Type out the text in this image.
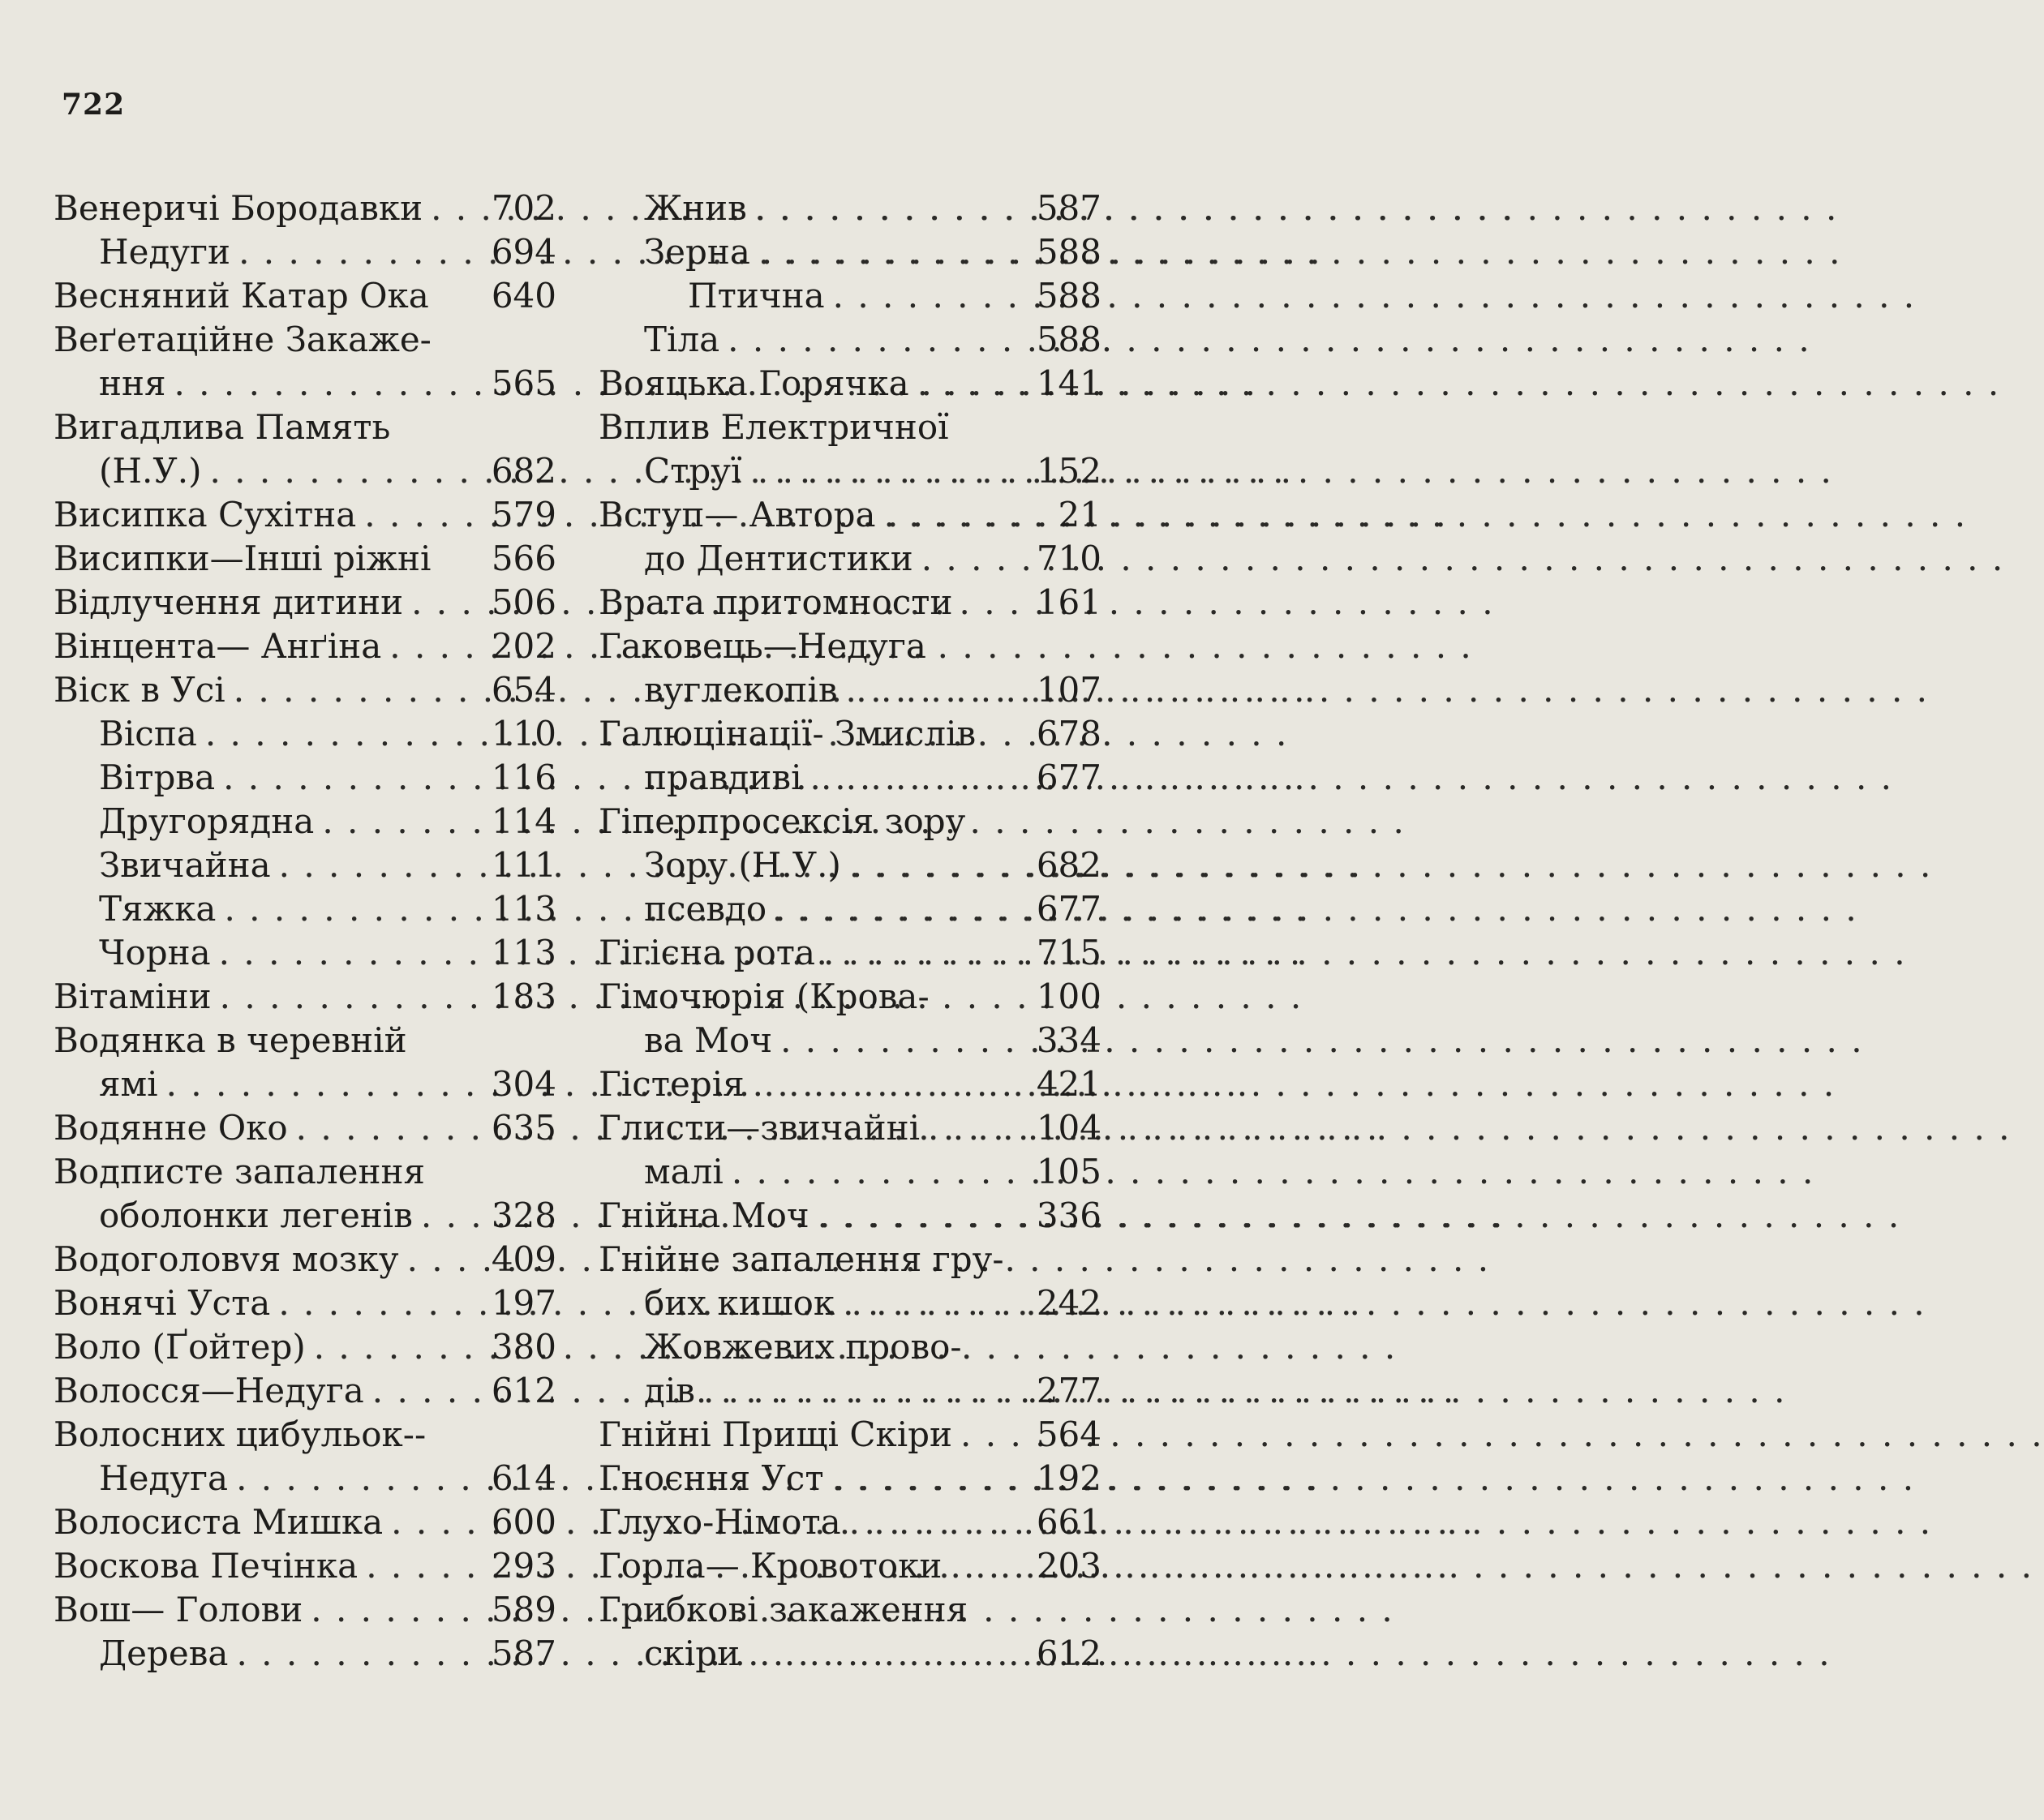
722
Венеричі Бородавки . . . 702
Недуги . . .	694
Весняний Катар Ока 640
Веґетаційне Закаже-
ння . . .	565
Вигадлива Память
(Н.У.) . . .	682
Висипка Сухітна . . .	579
Висипки—Інші ріжні 566
Відлучення дитини . . .	506
Вінцента— Анґіна . . .	202
Віск в Усі . . .	654
Віспа . . .	110
Вітрва . . .	116
Другорядна . . .	114
Звичайна . . .	111
Тяжка . . .	113
Чорна . . .	113
Вітаміни . . .	183
Водянка в черевній
ямі . . .	304
Водянне Око . . .	635
Водписте запалення
оболонки легенів . . . 328
Водоголовvя мозку . . .	409
Вонячі Уста . . .	197
Воло (Ґойтер) . . .	380
Волосся—Недуга . . .	612
Волосних цибульок--
Недуга . . .	614
Волосиста Мишка . . .	600
Воскова Печінка . . .	293
Вош— Голови . . .	589
Дерева . . .	587
Жнив . . .	587
Зерна . . .	588
Птична . . .	588
Тіла . . .	588
Вояцька Горячка . . .	141
Вплив Електричної
Струї . . .	152
Вступ— Автора . . .	21
до Дентистики . . .	710
Врата притомности 161
Гаковець—Недуга
вуглекопів . . .	107
Галюцінації- Змислів 678
правдиві . . .	677
Гіперпросексія зору
Зору (Н.У.) . . .	682
псевдо . . .	677
Гігієна рота . . .	715
Гімочюрія (Крова-	100
ва Моч . . .	334
Гістерія . . .	421
Глисти—звичайні . . .	104
малі . . .	105
Гнійна Моч . . .	336
Гнійне запалення гру-
бих кишок . . .	242
Жовжевих прово-
дів . . .	277
Гнійні Прищі Скіри . . . 564
Гноєння Уст . . .	192
Глухо-Німота . . .	661
Горла— Кровотоки . . .	203
Грибкові закаження
скіри . . .	612
